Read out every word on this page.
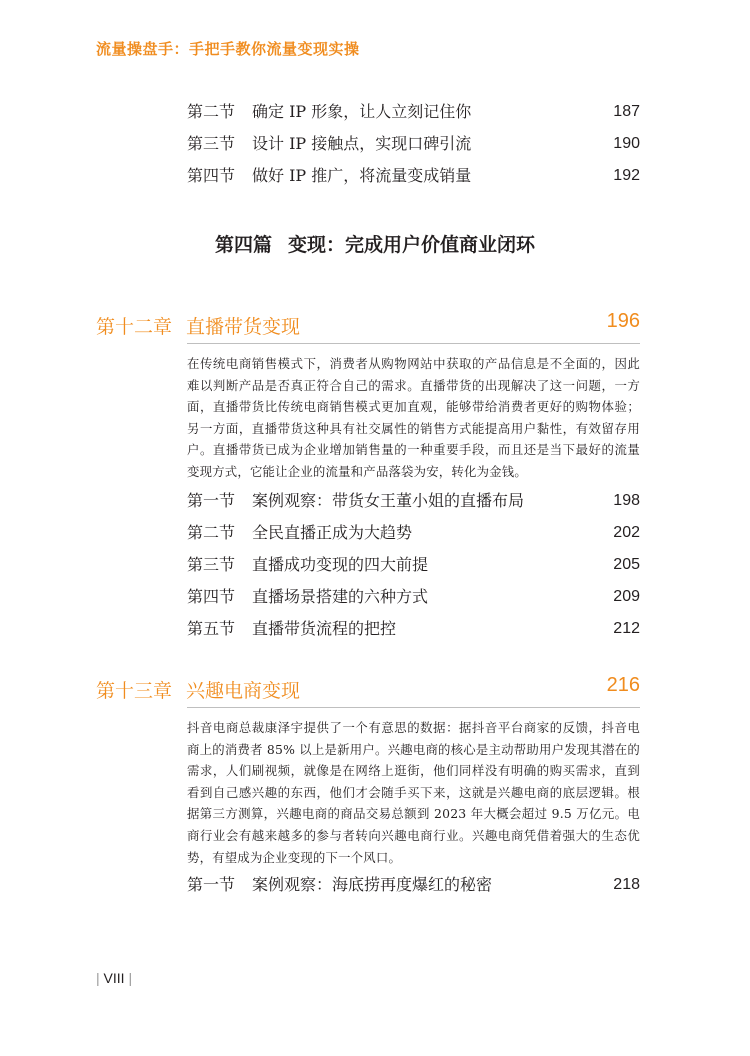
流量操盘手：手把手教你流量变现实操
第二节 确定 IP 形象，让人立刻记住你	187
第三节 设计 IP 接触点，实现口碑引流	190
第四节 做好 IP 推广，将流量变成销量	192
第四篇 变现：完成用户价值商业闭环
第十二章 直播带货变现	196
在传统电商销售模式下，消费者从购物网站中获取的产品信息是不全面的，因此难以判断产品是否真正符合自己的需求。直播带货的出现解决了这一问题，一方面，直播带货比传统电商销售模式更加直观，能够带给消费者更好的购物体验；另一方面，直播带货这种具有社交属性的销售方式能提高用户黏性，有效留存用户。直播带货已成为企业增加销售量的一种重要手段，而且还是当下最好的流量变现方式，它能让企业的流量和产品落袋为安，转化为金钱。
第一节 案例观察：带货女王董小姐的直播布局	198
第二节 全民直播正成为大趋势	202
第三节 直播成功变现的四大前提	205
第四节 直播场景搭建的六种方式	209
第五节 直播带货流程的把控	212
第十三章 兴趣电商变现	216
抖音电商总裁康泽宇提供了一个有意思的数据：据抖音平台商家的反馈，抖音电商上的消费者 85% 以上是新用户。兴趣电商的核心是主动帮助用户发现其潜在的需求，人们刷视频，就像是在网络上逛街，他们同样没有明确的购买需求，直到看到自己感兴趣的东西，他们才会随手买下来，这就是兴趣电商的底层逻辑。根据第三方测算，兴趣电商的商品交易总额到 2023 年大概会超过 9.5 万亿元。电商行业会有越来越多的参与者转向兴趣电商行业。兴趣电商凭借着强大的生态优势，有望成为企业变现的下一个风口。
第一节 案例观察：海底捞再度爆红的秘密	218
| VIII |
